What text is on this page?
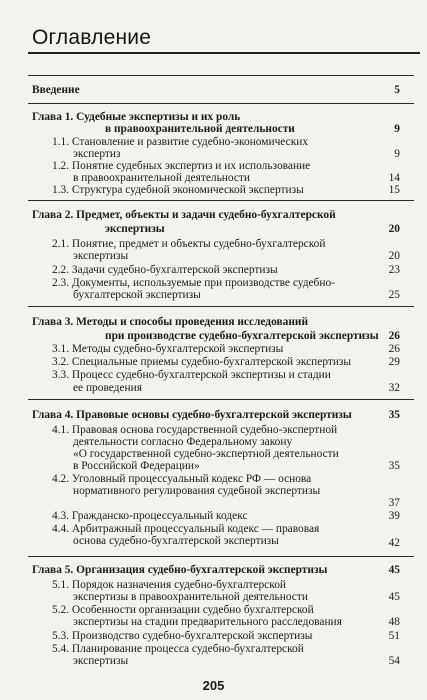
Оглавление
Введение	5
Глава 1. Судебные экспертизы и их роль
в правоохранительной деятельности	9
1.1. Становление и развитие судебно-экономических
экспертиз	9
1.2. Понятие судебных экспертиз и их использование
в правоохранительной деятельности	14
1.3. Структура судебной экономической экспертизы	15
Глава 2. Предмет, объекты и задачи судебно-бухгалтерской
экспертизы	20
2.1. Понятие, предмет и объекты судебно-бухгалтерской
экспертизы	20
2.2. Задачи судебно-бухгалтерской экспертизы	23
2.3. Документы, используемые при производстве судебно-
бухгалтерской экспертизы	25
Глава 3. Методы и способы проведения исследований
при производстве судебно-бухгалтерской экспертизы 26
3.1. Методы судебно-бухгалтерской экспертизы	26
3.2. Специальные приемы судебно-бухгалтерской экспертизы	29
3.3. Процесс судебно-бухгалтерской экспертизы и стадии
ее проведения	32
Глава 4. Правовые основы судебно-бухгалтерской экспертизы	35
4.1. Правовая основа государственной судебно-экспертной
деятельности согласно Федеральному закону
«О государственной судебно-экспертной деятельности
в Российской Федерации»	35
4.2. Уголовный процессуальный кодекс РФ — основа
нормативного регулирования судебной экспертизы
37
4.3. Гражданско-процессуальный кодекс	39
4.4. Арбитражный процессуальный кодекс — правовая
основа судебно-бухгалтерской экспертизы	42
Глава 5. Организация судебно-бухгалтерской экспертизы	45
5.1. Порядок назначения судебно-бухгалтерской
экспертизы в правоохранительной деятельности	45
5.2. Особенности организации судебно бухгалтерской
экспертизы на стадии предварительного расследования	48
5.3. Производство судебно-бухгалтерской экспертизы	51
5.4. Планирование процесса судебно-бухгалтерской
экспертизы	54
205
